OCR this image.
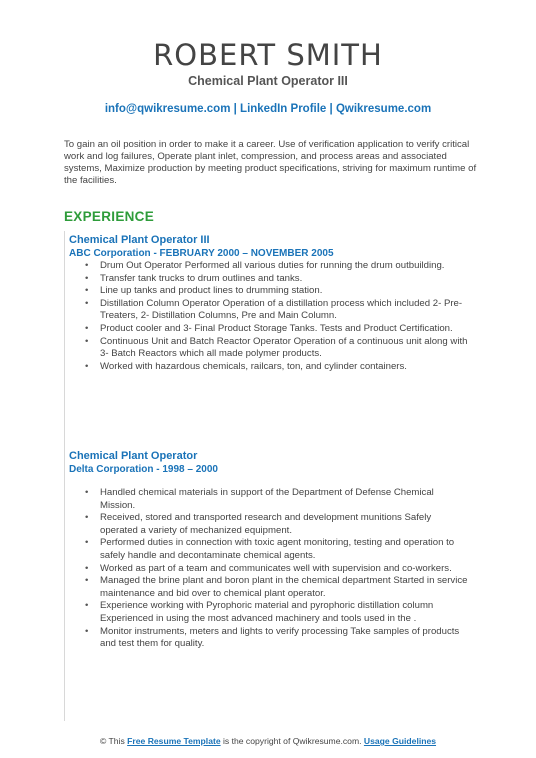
ROBERT SMITH
Chemical Plant Operator III
info@qwikresume.com | LinkedIn Profile | Qwikresume.com
To gain an oil position in order to make it a career. Use of verification application to verify critical work and log failures, Operate plant inlet, compression, and process areas and associated systems, Maximize production by meeting product specifications, striving for maximum runtime of the facilities.
EXPERIENCE
Chemical Plant Operator III
ABC Corporation - FEBRUARY 2000 – NOVEMBER 2005
• Drum Out Operator Performed all various duties for running the drum outbuilding.
• Transfer tank trucks to drum outlines and tanks.
• Line up tanks and product lines to drumming station.
• Distillation Column Operator Operation of a distillation process which included 2- Pre-Treaters, 2- Distillation Columns, Pre and Main Column.
• Product cooler and 3- Final Product Storage Tanks. Tests and Product Certification.
• Continuous Unit and Batch Reactor Operator Operation of a continuous unit along with 3- Batch Reactors which all made polymer products.
• Worked with hazardous chemicals, railcars, ton, and cylinder containers.
Chemical Plant Operator
Delta Corporation - 1998 – 2000
• Handled chemical materials in support of the Department of Defense Chemical Mission.
• Received, stored and transported research and development munitions Safely operated a variety of mechanized equipment.
• Performed duties in connection with toxic agent monitoring, testing and operation to safely handle and decontaminate chemical agents.
• Worked as part of a team and communicates well with supervision and co-workers.
• Managed the brine plant and boron plant in the chemical department Started in service maintenance and bid over to chemical plant operator.
• Experience working with Pyrophoric material and pyrophoric distillation column Experienced in using the most advanced machinery and tools used in the .
• Monitor instruments, meters and lights to verify processing Take samples of products and test them for quality.
© This Free Resume Template is the copyright of Qwikresume.com. Usage Guidelines
